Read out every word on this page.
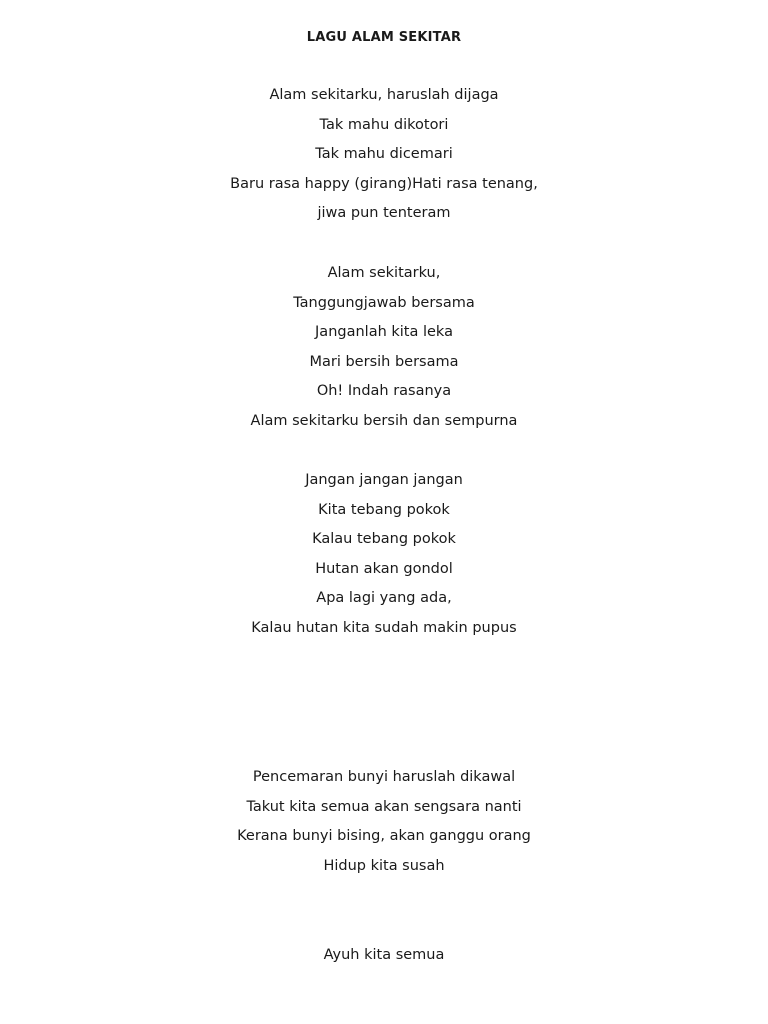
LAGU ALAM SEKITAR
Alam sekitarku, haruslah dijaga
Tak mahu dikotori
Tak mahu dicemari
Baru rasa happy (girang)Hati rasa tenang,
jiwa pun tenteram
Alam sekitarku,
Tanggungjawab bersama
Janganlah kita leka
Mari bersih bersama
Oh! Indah rasanya
Alam sekitarku bersih dan sempurna
Jangan jangan jangan
Kita tebang pokok
Kalau tebang pokok
Hutan akan gondol
Apa lagi yang ada,
Kalau hutan kita sudah makin pupus
Pencemaran bunyi haruslah dikawal
Takut kita semua akan sengsara nanti
Kerana bunyi bising, akan ganggu orang
Hidup kita susah
Ayuh kita semua
